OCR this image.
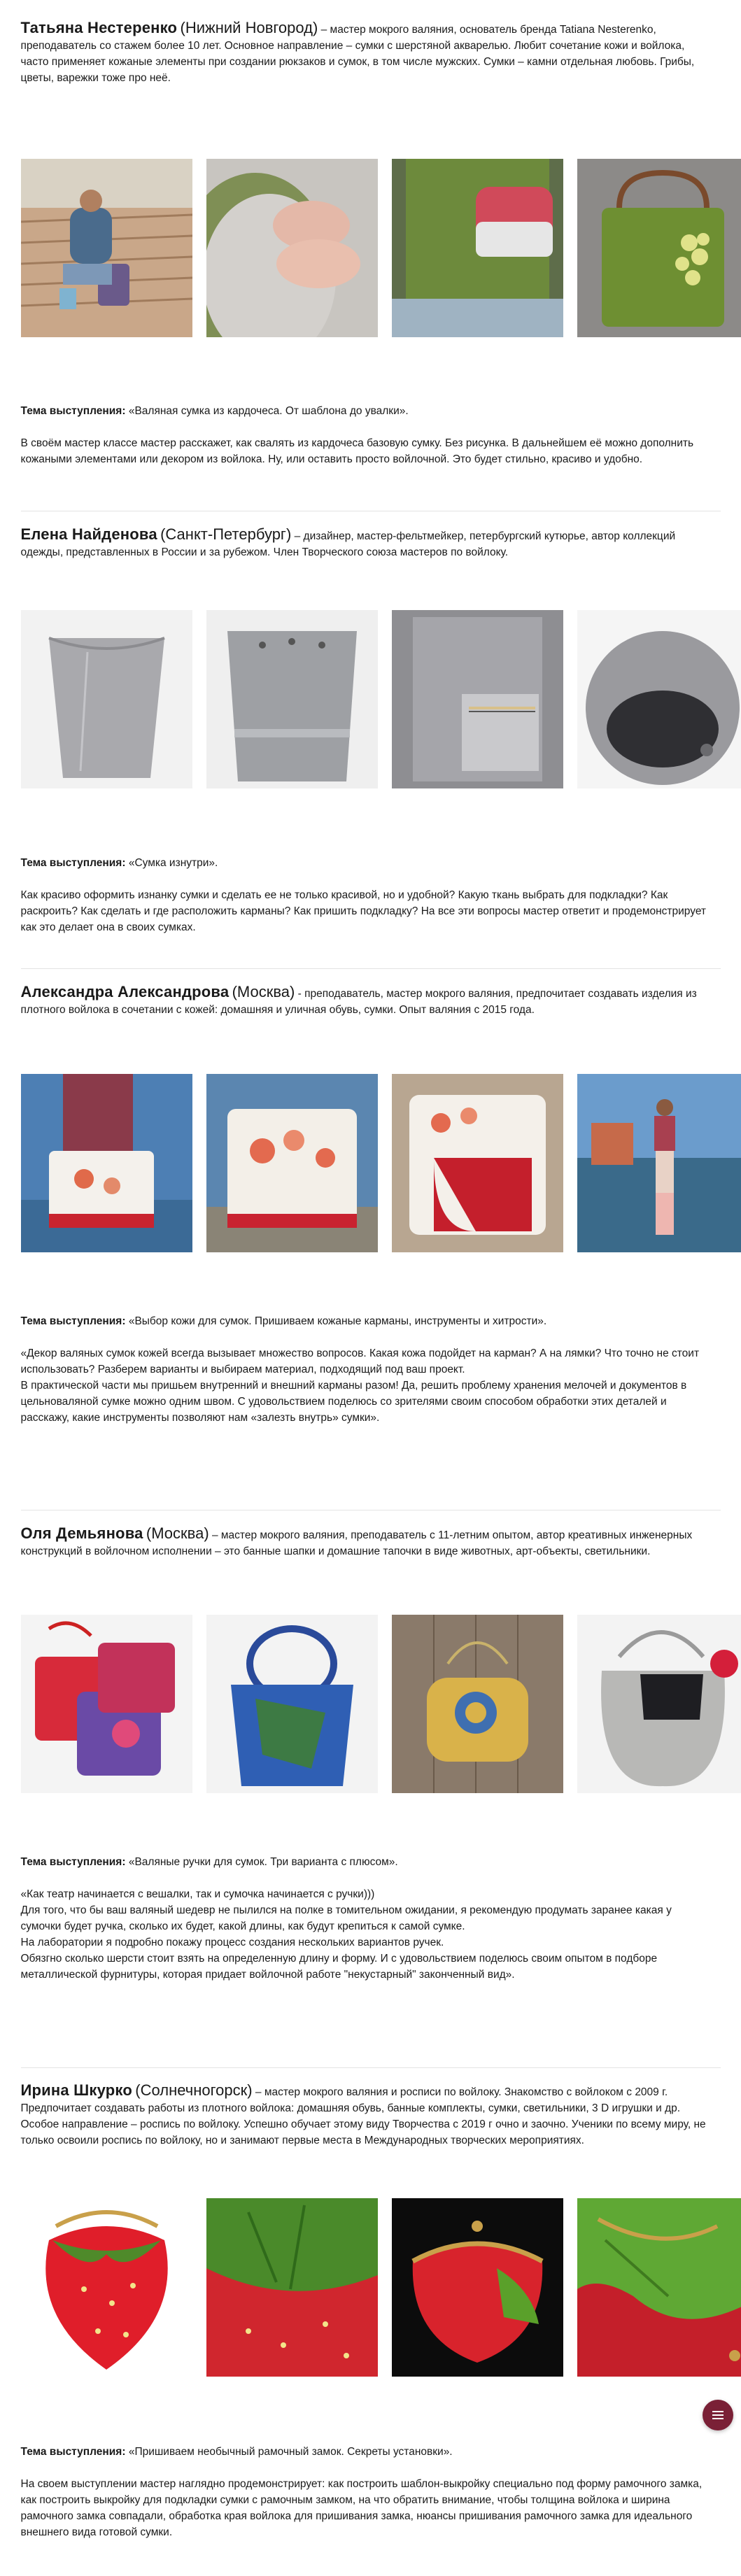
Татьяна Нестеренко (Нижний Новгород) – мастер мокрого валяния, основатель бренда Tatiana Nesterenko, преподаватель со стажем более 10 лет. Основное направление – сумки с шерстяной акварелью. Любит сочетание кожи и войлока, часто применяет кожаные элементы при создании рюкзаков и сумок, в том числе мужских. Сумки – камни отдельная любовь. Грибы, цветы, варежки тоже про неё.

Тема выступления: «Валяная сумка из кардочеса. От шаблона до увалки».

В своём мастер классе мастер расскажет, как свалять из кардочеса базовую сумку. Без рисунка. В дальнейшем её можно дополнить кожаными элементами или декором из войлока. Ну, или оставить просто войлочной. Это будет стильно, красиво и удобно.

Елена Найденова (Санкт-Петербург) – дизайнер, мастер-фельтмейкер, петербургский кутюрье, автор коллекций одежды, представленных в России и за рубежом. Член Творческого союза мастеров по войлоку.

Тема выступления: «Сумка изнутри».

Как красиво оформить изнанку сумки и сделать ее не только красивой, но и удобной? Какую ткань выбрать для подкладки? Как раскроить? Как сделать и где расположить карманы? Как пришить подкладку? На все эти вопросы мастер ответит и продемонстрирует как это делает она в своих сумках.

Александра Александрова (Москва) - преподаватель, мастер мокрого валяния, предпочитает создавать изделия из плотного войлока в сочетании с кожей: домашняя и уличная обувь, сумки. Опыт валяния с 2015 года.

Тема выступления: «Выбор кожи для сумок. Пришиваем кожаные карманы, инструменты и хитрости».

«Декор валяных сумок кожей всегда вызывает множество вопросов. Какая кожа подойдет на карман? А на лямки? Что точно не стоит использовать? Разберем варианты и выбираем материал, подходящий под ваш проект.

В практической части мы пришьем внутренний и внешний карманы разом! Да, решить проблему хранения мелочей и документов в цельноваляной сумке можно одним швом. С удовольствием поделюсь со зрителями своим способом обработки этих деталей и расскажу, какие инструменты позволяют нам «залезть внутрь» сумки».

Оля Демьянова (Москва) – мастер мокрого валяния, преподаватель с 11-летним опытом, автор креативных инженерных конструкций в войлочном исполнении – это банные шапки и домашние тапочки в виде животных, арт-объекты, светильники.

Тема выступления: «Валяные ручки для сумок. Три варианта с плюсом».

«Как театр начинается с вешалки, так и сумочка начинается с ручки)))

Для того, что бы ваш валяный шедевр не пылился на полке в томительном ожидании, я рекомендую продумать заранее какая у сумочки будет ручка, сколько их будет, какой длины, как будут крепиться к самой сумке.

На лаборатории я подробно покажу процесс создания нескольких вариантов ручек.

Обязгно сколько шерсти стоит взять на определенную длину и форму. И с удовольствием поделюсь своим опытом в подборе металлической фурнитуры, которая придает войлочной работе "некустарный" законченный вид».

Ирина Шкурко (Солнечногорск) – мастер мокрого валяния и росписи по войлоку. Знакомство с войлоком с 2009 г. Предпочитает создавать работы из плотного войлока: домашняя обувь, банные комплекты, сумки, светильники, 3 D игрушки и др. Особое направление – роспись по войлоку. Успешно обучает этому виду Творчества с 2019 г очно и заочно. Ученики по всему миру, не только освоили роспись по войлоку, но и занимают первые места в Международных творческих мероприятиях.

Тема выступления: «Пришиваем необычный рамочный замок. Секреты установки».

На своем выступлении мастер наглядно продемонстрирует: как построить шаблон-выкройку специально под форму рамочного замка, как построить выкройку для подкладки сумки с рамочным замком, на что обратить внимание, чтобы толщина войлока и ширина рамочного замка совпадали, обработка края войлока для пришивания замка, нюансы пришивания рамочного замка для идеального внешнего вида готовой сумки.
